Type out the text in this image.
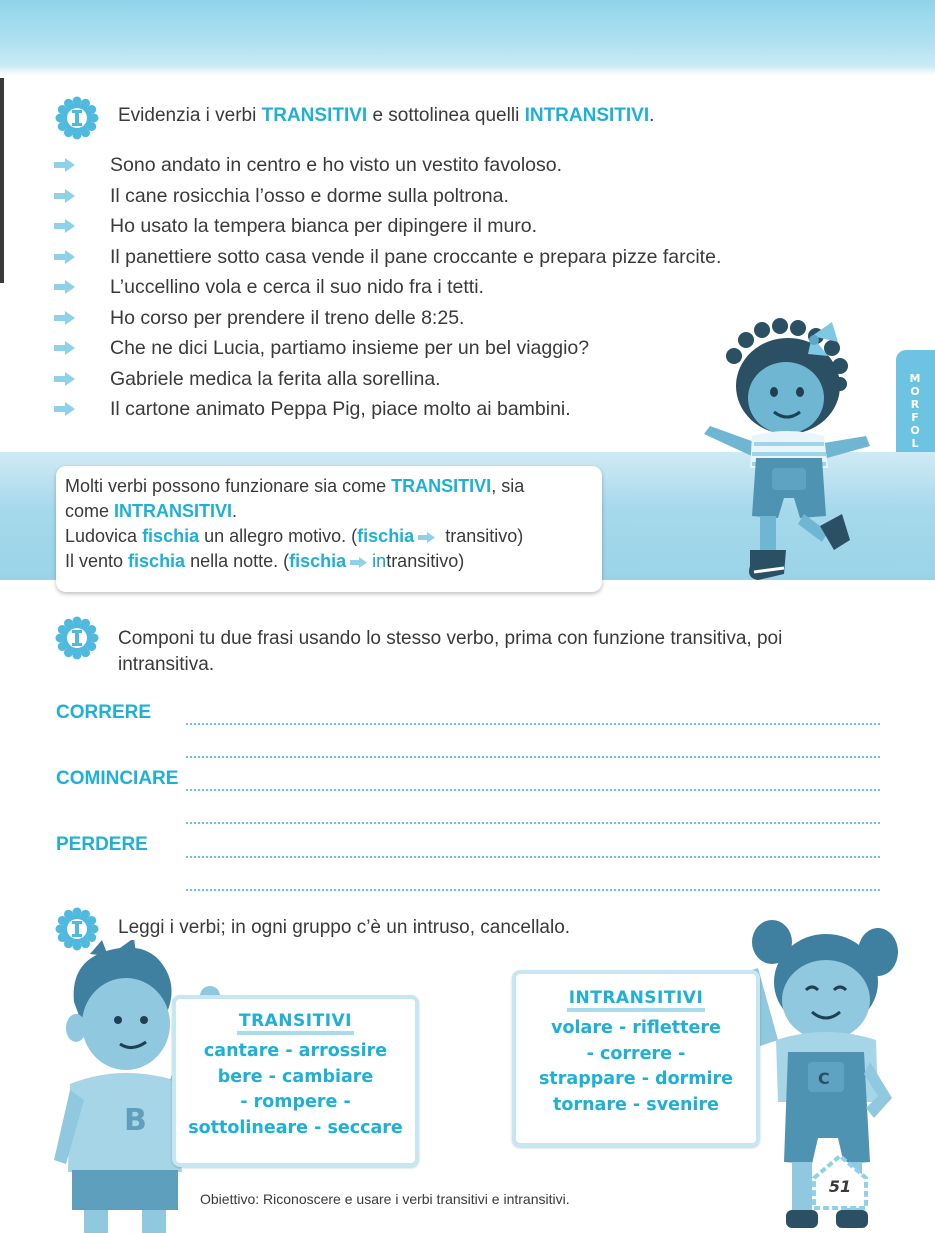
M
O
R
F
O
L
Evidenzia i verbi TRANSITIVI e sottolinea quelli INTRANSITIVI.
Sono andato in centro e ho visto un vestito favoloso.
Il cane rosicchia l’osso e dorme sulla poltrona.
Ho usato la tempera bianca per dipingere il muro.
Il panettiere sotto casa vende il pane croccante e prepara pizze farcite.
L’uccellino vola e cerca il suo nido fra i tetti.
Ho corso per prendere il treno delle 8:25.
Che ne dici Lucia, partiamo insieme per un bel viaggio?
Gabriele medica la ferita alla sorellina.
Il cartone animato Peppa Pig, piace molto ai bambini.
Molti verbi possono funzionare sia come TRANSITIVI, sia
come INTRANSITIVI.
Ludovica fischia un allegro motivo. (fischia transitivo)
Il vento fischia nella notte. (fischia intransitivo)
Componi tu due frasi usando lo stesso verbo, prima con funzione transitiva, poi
intransitiva.
CORRERE
COMINCIARE
PERDERE
Leggi i verbi; in ogni gruppo c’è un intruso, cancellalo.
B
C
TRANSITIVI
cantare - arrossire
bere - cambiare
- rompere -
sottolineare - seccare
INTRANSITIVI
volare - riflettere
- correre -
strappare - dormire
tornare - svenire
Obiettivo: Riconoscere e usare i verbi transitivi e intransitivi.
51
